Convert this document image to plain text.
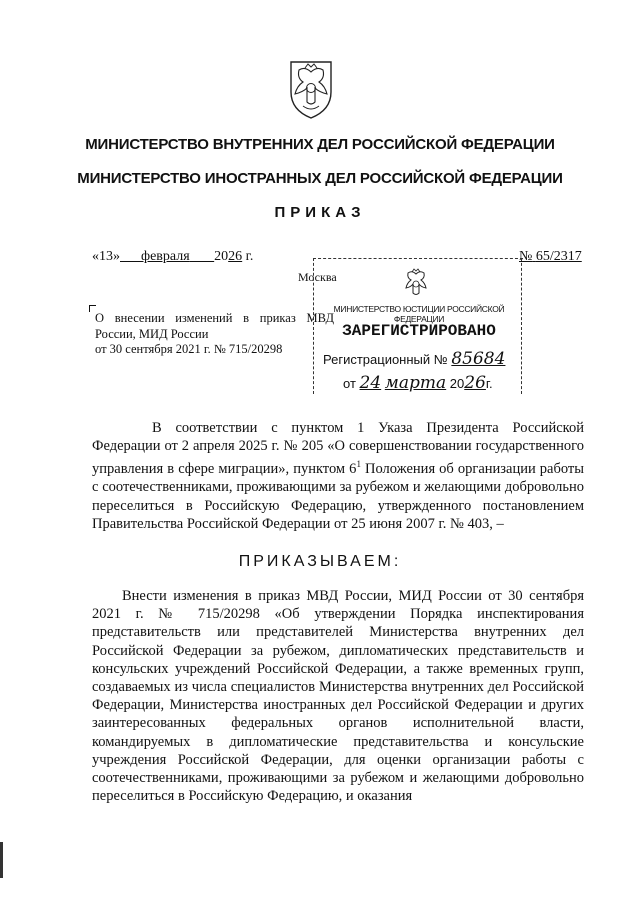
МИНИСТЕРСТВО ВНУТРЕННИХ ДЕЛ РОССИЙСКОЙ ФЕДЕРАЦИИ
МИНИСТЕРСТВО ИНОСТРАННЫХ ДЕЛ РОССИЙСКОЙ ФЕДЕРАЦИИ
ПРИКАЗ
«13» февраля 2026 г.	№ 65/2317
Москва
О внесении изменений в приказ МВД России, МИД России
от 30 сентября 2021 г. № 715/20298
МИНИСТЕРСТВО ЮСТИЦИИ РОССИЙСКОЙ ФЕДЕРАЦИИ
ЗАРЕГИСТРИРОВАНО
Регистрационный № 85684
от 24 марта 2026г.
В соответствии с пунктом 1 Указа Президента Российской Федерации от 2 апреля 2025 г. № 205 «О совершенствовании государственного управления в сфере миграции», пунктом $6^1$ Положения об организации работы с соотечественниками, проживающими за рубежом и желающими добровольно переселиться в Российскую Федерацию, утвержденного постановлением Правительства Российской Федерации от 25 июня 2007 г. № 403, –
ПРИКАЗЫВАЕМ:
Внести изменения в приказ МВД России, МИД России от 30 сентября 2021 г. № 715/20298 «Об утверждении Порядка инспектирования представительств или представителей Министерства внутренних дел Российской Федерации за рубежом, дипломатических представительств и консульских учреждений Российской Федерации, а также временных групп, создаваемых из числа специалистов Министерства внутренних дел Российской Федерации, Министерства иностранных дел Российской Федерации и других заинтересованных федеральных органов исполнительной власти, командируемых в дипломатические представительства и консульские учреждения Российской Федерации, для оценки организации работы с соотечественниками, проживающими за рубежом и желающими добровольно переселиться в Российскую Федерацию, и оказания
